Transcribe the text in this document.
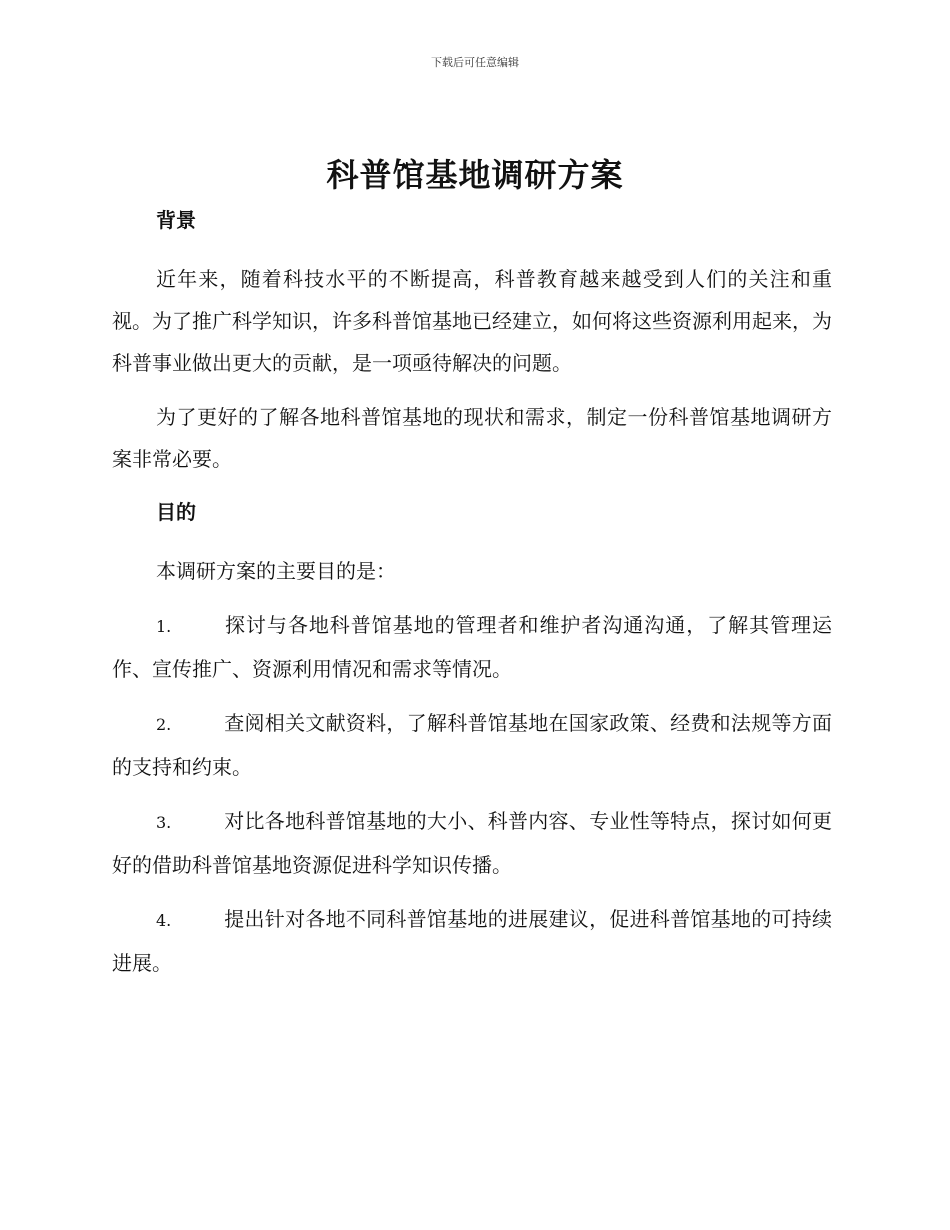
下载后可任意编辑
科普馆基地调研方案
背景

近年来，随着科技水平的不断提高，科普教育越来越受到人们的关注和重视。为了推广科学知识，许多科普馆基地已经建立，如何将这些资源利用起来，为科普事业做出更大的贡献，是一项亟待解决的问题。

为了更好的了解各地科普馆基地的现状和需求，制定一份科普馆基地调研方案非常必要。

目的

本调研方案的主要目的是：

1.	探讨与各地科普馆基地的管理者和维护者沟通沟通，了解其管理运作、宣传推广、资源利用情况和需求等情况。

2.	查阅相关文献资料，了解科普馆基地在国家政策、经费和法规等方面的支持和约束。

3.	对比各地科普馆基地的大小、科普内容、专业性等特点，探讨如何更好的借助科普馆基地资源促进科学知识传播。

4.	提出针对各地不同科普馆基地的进展建议，促进科普馆基地的可持续进展。
